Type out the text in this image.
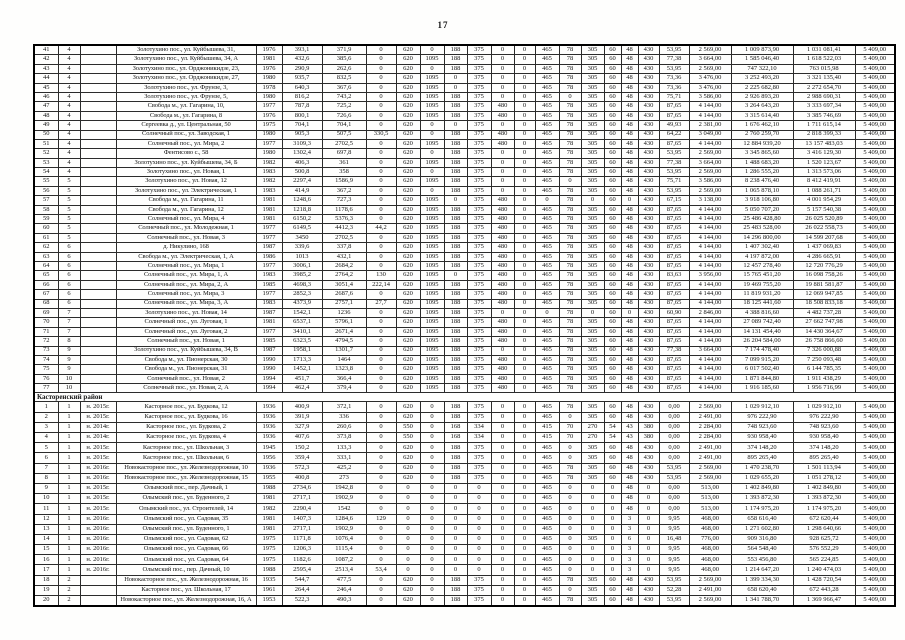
17
41	4		Золотухино пос., ул. Куйбышева, 31,	1976	393,1	371,9	0	620	0	188	375	0	0	465	78	305	60	48	430	53,95	2 569,00	1 009 873,90	1 031 081,41	5 409,00
42	4		Золотухино пос., ул. Куйбышева, 34, А	1981	432,6	385,6	0	620	1095	188	375	0	0	465	78	305	60	48	430	77,38	3 664,00	1 585 046,40	1 618 522,03	5 409,00
43	4		Золотухино пос., ул. Орджоникидзе, 23,	1976	290,9	262,6	0	620	0	188	375	0	0	465	78	305	60	48	430	53,95	2 569,00	747 322,10	763 015,98	5 409,00
44	4		Золотухино пос., ул. Орджоникидзе, 27,	1980	935,7	832,5	0	620	1095	0	375	0	0	465	78	305	60	48	430	73,36	3 476,00	3 252 493,20	3 321 135,40	5 409,00
45	4		Золотухино пос., ул. Фрунзе, 3,	1978	640,3	367,6	0	620	1095	0	375	0	0	465	78	305	60	48	430	73,36	3 476,00	2 225 682,80	2 272 654,70	5 409,00
46	4		Золотухино пос., ул. Фрунзе, 5,	1980	816,2	743,2	0	620	1095	188	375	0	0	465	0	305	60	48	430	75,71	3 586,00	2 926 893,20	2 988 690,31	5 409,00
47	4		Свобода м., ул. Гагарина, 10,	1977	787,8	725,2	0	620	1095	188	375	480	0	465	78	305	60	48	430	87,65	4 144,00	3 264 643,20	3 333 697,34	5 409,00
48	4		Свобода м., ул. Гагарина, 8	1976	800,1	726,6	0	620	1095	188	375	480	0	465	78	305	60	48	430	87,65	4 144,00	3 315 614,40	3 385 746,69	5 409,00
49	4		Сергеевка д., ул. Центральная, 50	1975	704,1	704,1	0	620	0	0	375	0	0	465	78	305	60	48	430	49,93	2 381,00	1 676 462,10	1 711 615,14	5 409,00
50	4		Солнечный пос., ул. Заводская, 1	1980	905,3	507,5	330,5	620	0	188	375	480	0	465	78	305	60	48	430	64,22	3 049,00	2 760 259,70	2 818 399,33	5 409,00
51	4		Солнечный пос., ул. Мира, 2	1977	3109,3	2702,5	0	620	1095	188	375	480	0	465	78	305	60	48	430	87,65	4 144,00	12 884 939,20	13 157 483,03	5 409,00
52	4		Фентисово с., 58	1980	1302,4	697,8	0	620	0	188	375	0	0	465	78	305	60	48	430	53,95	2 569,00	3 345 865,60	3 416 129,30	5 409,00
53	4		Золотухино пос., ул. Куйбышева, 34, Б	1982	406,3	361	0	620	1095	188	375	0	0	465	78	305	60	48	430	77,38	3 664,00	1 488 683,20	1 520 123,67	5 409,00
54	4		Золотухино пос., ул. Новая, 1	1983	500,8	358	0	620	0	188	375	0	0	465	78	305	60	48	430	53,95	2 569,00	1 286 555,20	1 313 573,06	5 409,00
55	5		Золотухино пос., ул. Новая, 12	1982	2297,4	1586,9	0	620	1095	188	375	0	0	465	0	305	60	48	430	75,71	3 586,00	8 238 476,40	8 412 419,91	5 409,00
56	5		Золотухино пос., ул. Электрическая, 1	1983	414,9	367,2	0	620	0	188	375	0	0	465	78	305	60	48	430	53,95	2 569,00	1 065 878,10	1 088 261,71	5 409,00
57	5		Свобода м., ул. Гагарина, 11	1981	1248,6	727,3	0	620	1095	0	375	480	0	0	78	0	60	0	430	67,15	3 138,00	3 918 106,80	4 001 954,29	5 409,00
58	5		Свобода м., ул. Гагарина, 12	1981	1218,8	1178,6	0	620	1095	188	375	480	0	465	78	305	60	48	430	87,65	4 144,00	5 050 707,20	5 157 540,38	5 409,00
59	5		Солнечный пос., ул. Мира, 4	1981	6150,2	5376,3	0	620	1095	188	375	480	0	465	78	305	60	48	430	87,65	4 144,00	25 486 428,80	26 025 520,89	5 409,00
60	5		Солнечный пос., ул. Молодежная, 1	1977	6149,5	4412,3	44,2	620	1095	188	375	480	0	465	78	305	60	48	430	87,65	4 144,00	25 483 528,00	26 022 558,73	5 409,00
61	5		Солнечный пос., ул. Новая, 3	1977	3450	2702,5	0	620	1095	188	375	480	0	465	78	305	60	48	430	87,65	4 144,00	14 296 800,00	14 599 207,68	5 409,00
62	6		д. Никулино, 168	1987	339,6	337,8	0	620	1095	188	375	480	0	465	78	305	60	48	430	87,65	4 144,00	1 407 302,40	1 437 069,83	5 409,00
63	6		Свобода м., ул. Электрическая, 1, А	1986	1013	432,1	0	620	1095	188	375	480	0	465	78	305	60	48	430	87,65	4 144,00	4 197 872,00	4 286 665,91	5 409,00
64	6		Солнечный пос., ул. Мира, 1	1977	3006,1	2684,2	0	620	1095	188	375	480	0	465	78	305	60	48	430	87,65	4 144,00	12 457 278,40	12 720 776,29	5 409,00
65	6		Солнечный пос., ул. Мира, 1, А	1983	3985,2	2764,2	130	620	1095	0	375	480	0	465	78	305	60	48	430	83,63	3 956,00	15 765 451,20	16 098 758,26	5 409,00
66	6		Солнечный пос., ул. Мира, 2, А	1985	4698,3	3051,4	222,14	620	1095	188	375	480	0	465	78	305	60	48	430	87,65	4 144,00	19 469 755,20	19 881 581,87	5 409,00
67	6		Солнечный пос., ул. Мира, 3	1977	2852,3	2687,6	0	620	1095	188	375	480	0	465	78	305	60	48	430	87,65	4 144,00	11 819 931,20	12 069 947,85	5 409,00
68	6		Солнечный пос., ул. Мира, 3, А	1983	4373,9	2757,1	27,7	620	1095	188	375	480	0	465	78	305	60	48	430	87,65	4 144,00	18 125 441,60	18 508 833,18	5 409,00
69	7		Золотухино пос., ул. Новая, 14	1987	1542,1	1236	0	620	1095	188	375	0	0	0	78	0	60	0	430	60,90	2 846,00	4 388 816,60	4 482 737,28	5 409,00
70	7		Солнечный пос., ул. Луговая, 1	1981	6537,1	5796,1	0	620	1095	188	375	480	0	465	78	305	60	48	430	87,65	4 144,00	27 089 742,40	27 662 747,98	5 409,00
71	7		Солнечный пос., ул. Луговая, 2	1977	3410,1	2671,4	0	620	1095	188	375	480	0	465	78	305	60	48	430	87,65	4 144,00	14 131 454,40	14 430 364,67	5 409,00
72	8		Солнечный пос., ул. Новая, 1	1985	6323,5	4794,5	0	620	1095	188	375	480	0	465	78	305	60	48	430	87,65	4 144,00	26 204 584,00	26 758 866,60	5 409,00
73	9		Золотухино пос., ул. Куйбышева, 34, В	1987	1958,1	1301,7	0	620	1095	188	375	0	0	465	78	305	60	48	430	77,38	3 664,00	7 174 478,40	7 326 000,88	5 409,00
74	9		Свобода м., ул. Пионерская, 30	1990	1713,3	1464	0	620	1095	188	375	480	0	465	78	305	60	48	430	87,65	4 144,00	7 099 915,20	7 250 093,48	5 409,00
75	9		Свобода м., ул. Пионерская, 31	1990	1452,1	1323,8	0	620	1095	188	375	480	0	465	78	305	60	48	430	87,65	4 144,00	6 017 502,40	6 144 785,35	5 409,00
76	10		Солнечный пос., ул. Новая, 2	1994	451,7	366,4	0	620	1095	188	375	480	0	465	78	305	60	48	430	87,65	4 144,00	1 871 844,80	1 911 438,29	5 409,00
77	10		Солнечный пос., ул. Новая, 2, А	1994	462,4	379,4	0	620	1095	188	375	480	0	465	78	305	60	48	430	87,65	4 144,00	1 916 185,60	1 956 716,99	5 409,00
Касторенский район																								
1	1	н. 2015г.	Касторное пос., ул. Будкова, 12	1936	400,9	372,1	0	620	0	188	375	0	0	465	78	305	60	48	430	0,00	2 569,00	1 029 912,10	1 029 912,10	5 409,00
2	1	н. 2015г.	Касторное пос., ул. Будкова, 16	1936	391,9	336	0	620	0	188	375	0	0	465	0	305	60	48	430	0,00	2 491,00	976 222,90	976 222,90	5 409,00
3	1	н. 2014г.	Касторное пос., ул. Будкова, 2	1936	327,9	260,6	0	550	0	168	334	0	0	415	70	270	54	43	380	0,00	2 284,00	748 923,60	748 923,60	5 409,00
4	1	н. 2014г.	Касторное пос., ул. Будкова, 4	1936	407,6	373,8	0	550	0	168	334	0	0	415	70	270	54	43	380	0,00	2 284,00	930 958,40	930 958,40	5 409,00
5	1	н. 2015г.	Касторное пос., ул. Школьная, 3	1945	150,2	133,3	0	620	0	188	375	0	0	465	0	305	60	48	430	0,00	2 491,00	374 148,20	374 148,20	5 409,00
6	1	н. 2015г.	Касторное пос., ул. Школьная, 6	1956	359,4	333,1	0	620	0	188	375	0	0	465	0	305	60	48	430	0,00	2 491,00	895 265,40	895 265,40	5 409,00
7	1	н. 2016г.	Новокасторное пос., ул. Железнодорожная, 10	1936	572,3	425,2	0	620	0	188	375	0	0	465	78	305	60	48	430	53,95	2 569,00	1 470 238,70	1 501 113,94	5 409,00
8	1	н. 2016г.	Новокасторное пос., ул. Железнодорожная, 15	1955	400,8	273	0	620	0	188	375	0	0	465	78	305	60	48	430	53,95	2 569,00	1 029 655,20	1 051 278,12	5 409,00
9	1	н. 2015г.	Олымский пос., пер. Дачный, 1	1988	2734,6	1942,8	0	0	0	0	0	0	0	465	0	0	0	48	0	0,00	513,00	1 402 849,80	1 402 849,80	5 409,00
10	1	н. 2015г.	Олымский пос., ул. Буденного, 2	1981	2717,1	1902,9	0	0	0	0	0	0	0	465	0	0	0	48	0	0,00	513,00	1 393 872,30	1 393 872,30	5 409,00
11	1	н. 2015г.	Олымский пос., ул. Строителей, 14	1982	2290,4	1542	0	0	0	0	0	0	0	465	0	0	0	48	0	0,00	513,00	1 174 975,20	1 174 975,20	5 409,00
12	1	н. 2016г.	Олымский пос., ул. Садовая, 35	1981	1407,3	1284,6	129	0	0	0	0	0	0	465	0	0	0	3	0	9,95	468,00	658 616,40	672 620,44	5 409,00
13	1	н. 2016г.	Олымский пос., ул. Буденного, 1	1981	2717,1	1902,9	0	0	0	0	0	0	0	465	0	0	0	3	0	9,95	468,00	1 271 602,80	1 298 640,66	5 409,00
14	1	н. 2016г.	Олымский пос., ул. Садовая, 62	1975	1171,8	1076,4	0	0	0	0	0	0	0	465	0	305	0	6	0	16,48	776,00	909 316,80	928 625,72	5 409,00
15	1	н. 2016г.	Олымский пос., ул. Садовая, 66	1975	1206,3	1115,4	0	0	0	0	0	0	0	465	0	0	0	3	0	9,95	468,00	564 548,40	576 552,29	5 409,00
16	1	н. 2016г.	Олымский пос., ул. Садовая, 64	1975	1182,6	1087,2	0	0	0	0	0	0	0	465	0	0	0	3	0	9,95	468,00	553 456,80	565 224,85	5 409,00
17	1	н. 2016г.	Олымский пос., пер. Дачный, 10	1988	2595,4	2513,4	53,4	0	0	0	0	0	0	465	0	0	0	3	0	9,95	468,00	1 214 647,20	1 240 474,03	5 409,00
18	2		Новокасторное пос., ул. Железнодорожная, 16	1935	544,7	477,5	0	620	0	188	375	0	0	465	78	305	60	48	430	53,95	2 569,00	1 399 334,30	1 428 720,54	5 409,00
19	2		Касторное пос., ул. Школьная, 17	1961	264,4	246,4	0	620	0	188	375	0	0	465	0	305	60	48	430	52,28	2 491,00	658 620,40	672 443,28	5 409,00
20	2		Новокасторное пос., ул. Железнодорожная, 16, А	1953	522,3	490,3	0	620	0	188	375	0	0	465	78	305	60	48	430	53,95	2 569,00	1 341 788,70	1 369 966,47	5 409,00
